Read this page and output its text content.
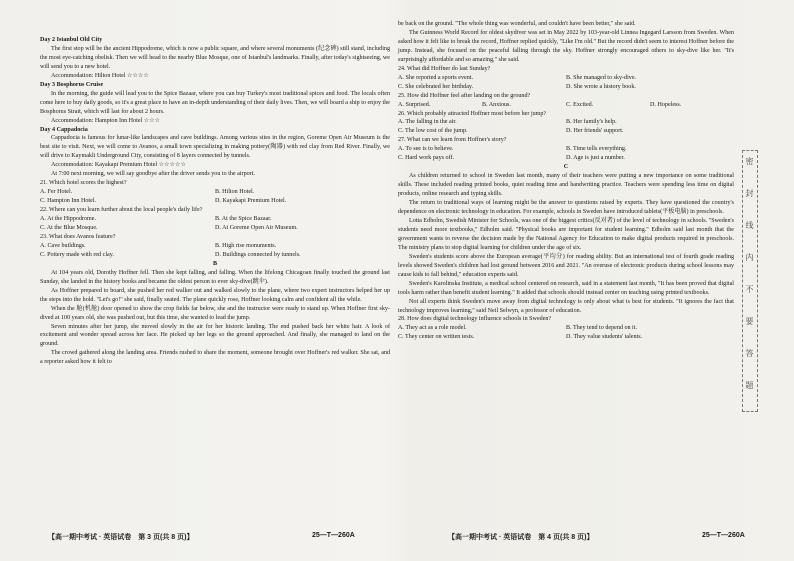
Day 2 Istanbul Old City

The first stop will be the ancient Hippodrome, which is now a public square, and where several monuments (纪念碑) still stand, including the most eye-catching obelisk. Then we will head to the nearby Blue Mosque, one of Istanbul's landmarks. Finally, after today's sightseeing, we will send you to a new hotel.

Accommodation: Hilton Hotel ☆☆☆☆

Day 3 Bosphorus Cruise

In the morning, the guide will lead you to the Spice Bazaar, where you can buy Turkey's most traditional spices and food. The locals often come here to buy daily goods, so it's a great place to have an in-depth understanding of their daily lives. Then, we will board a ship to enjoy the Bosphorus Strait, which will last for about 2 hours.

Accommodation: Hampton Inn Hotel ☆☆☆

Day 4 Cappadocia

Cappadocia is famous for lunar-like landscapes and cave buildings. Among various sites in the region, Goreme Open Air Museum is the best site to visit. Next, we will come to Avanos, a small town specializing in making pottery(陶器) with red clay from Red River. Finally, we will drive to Kaymakli Underground City, consisting of 8 layers connected by tunnels.

Accommodation: Kayakapi Premium Hotel ☆☆☆☆☆

At 7:00 next morning, we will say goodbye after the driver sends you to the airport.

21. Which hotel scores the highest?

A. Fer Hotel.	B. Hilton Hotel.
C. Hampton Inn Hotel.	D. Kayakapi Premium Hotel.

22. Where can you learn further about the local people's daily life?

A. At the Hippodrome.	B. At the Spice Bazaar.
C. At the Blue Mosque.	D. At Goreme Open Air Museum.

23. What does Avanos feature?

A. Cave buildings.	B. High rise monuments.
C. Pottery made with red clay.	D. Buildings connected by tunnels.

B

At 104 years old, Dorothy Hoffner fell. Then she kept falling, and falling. When the lifelong Chicagoan finally touched the ground last Sunday, she landed in the history books and became the oldest person to ever sky-dive(跳伞).

As Hoffner prepared to board, she pushed her red walker out and walked slowly to the plane, where two expert instructors helped her up the steps into the hold. "Let's go!" she said, finally seated. The plane quickly rose, Hoffner looking calm and confident all the while.

When the 舱(机舱) door opened to show the crop fields far below, she and the instructor were ready to stand up. When Hoffner first sky-dived at 100 years old, she was pushed out, but this time, she wanted to lead the jump.

Seven minutes after her jump, she moved slowly in the air for her historic landing. The end pushed back her white hair. A look of excitement and wonder spread across her face. He picked up her legs so the ground approached. And finally, she managed to land on the ground.

The crowd gathered along the landing area. Friends rushed to share the moment, someone brought over Hoffner's red walker. She sat, and a reporter asked how it felt to

be back on the ground. "The whole thing was wonderful, and couldn't have been better," she said.

The Guinness World Record for oldest skydiver was set in May 2022 by 103-year-old Linnea Ingegard Larsson from Sweden. When asked how it felt like to break the record, Hoffner replied quickly, "Like I'm old." But the record didn't seem to interest Hoffner before the jump. Instead, she focused on the peaceful falling through the sky. Hoffner strongly encouraged others to sky-dive like her. "It's surprisingly affordable and so amazing," she said.

24. What did Hoffner do last Sunday?

A. She reported a sports event.	B. She managed to sky-dive.
C. She celebrated her birthday.	D. She wrote a history book.

25. How did Hoffner feel after landing on the ground?

A. Surprised.	B. Anxious.	C. Excited.	D. Hopeless.

26. Which probably attracted Hoffner most before her jump?

A. The falling in the air.	B. Her family's help.
C. The low cost of the jump.	D. Her friends' support.

27. What can we learn from Hoffner's story?

A. To see is to believe.	B. Time tells everything.
C. Hard work pays off.	D. Age is just a number.

C

As children returned to school in Sweden last month, many of their teachers were putting a new importance on some traditional skills. These included reading printed books, quiet reading time and handwriting practice. Teachers were spending less time on digital products, online research and typing skills.

The return to traditional ways of learning might be the answer to questions raised by experts. They have questioned the country's dependence on electronic technology in education. For example, schools in Sweden have introduced tablets(平板电脑) in preschools.

Lotta Edholm, Swedish Minister for Schools, was one of the biggest critics(反对者) of the level of technology in schools. "Sweden's students need more textbooks," Edholm said. "Physical books are important for student learning." Edholm said last month that the government wants to reverse the decision made by the National Agency for Education to make digital products required in preschools. The ministry plans to stop digital learning for children under the age of six.

Sweden's students score above the European average(平均分) for reading ability. But an international test of fourth grade reading levels showed Sweden's children had lost ground between 2016 and 2021. "An overuse of electronic products during school lessons may cause kids to fall behind," education experts said.

Sweden's Karolinska Institute, a medical school centered on research, said in a statement last month, "It has been proved that digital tools harm rather than benefit student learning." It added that schools should instead center on teaching using printed textbooks.

Not all experts think Sweden's move away from digital technology is only about what is best for students. "It ignores the fact that technology improves learning," said Neil Selwyn, a professor of education.

28. How does digital technology influence schools in Sweden?

A. They act as a role model.	B. They tend to depend on it.
C. They center on written tests.	D. They value students' talents.
密
封
线
内
不
要
答
题
【高一期中考试 · 英语试卷　第 3 页(共 8 页)】	25—T—260A	【高一期中考试 · 英语试卷　第 4 页(共 8 页)】	25—T—260A
